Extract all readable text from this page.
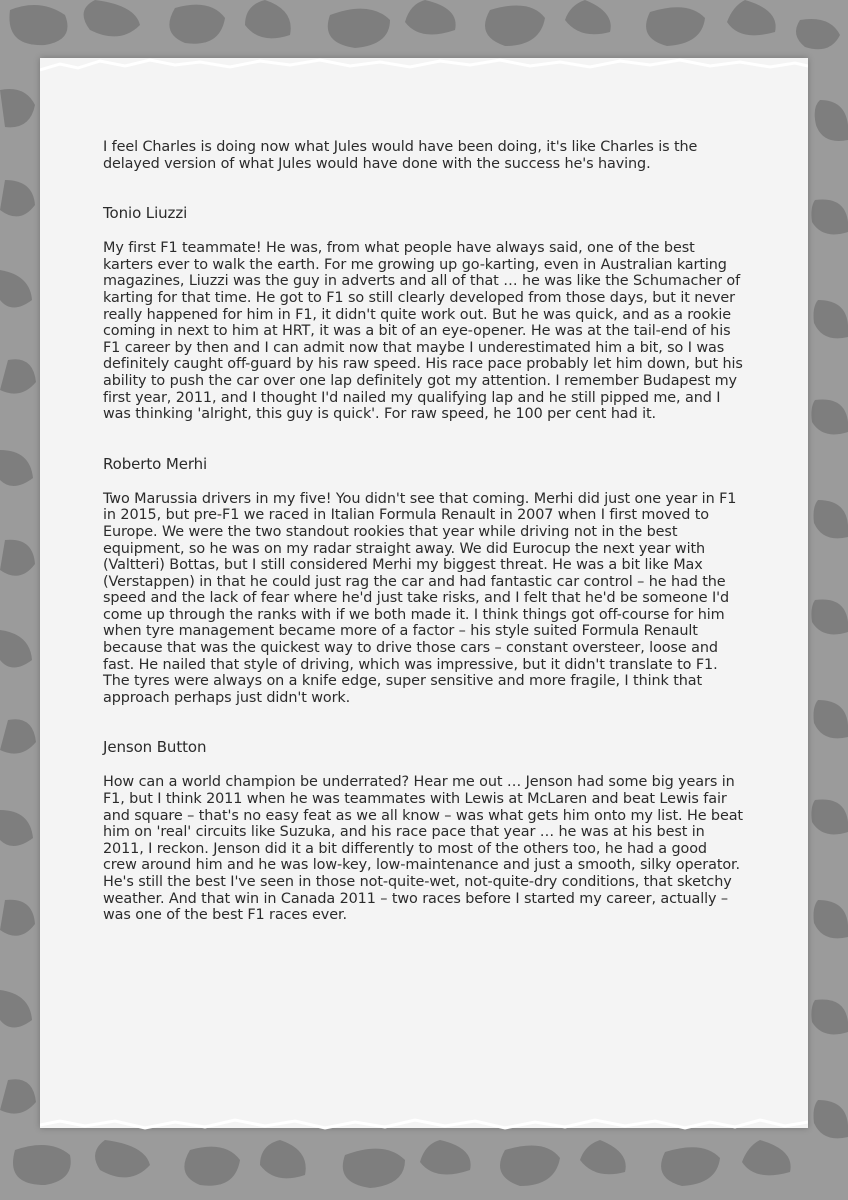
I feel Charles is doing now what Jules would have been doing, it's like Charles is the delayed version of what Jules would have done with the success he's having.

Tonio Liuzzi

My first F1 teammate! He was, from what people have always said, one of the best karters ever to walk the earth. For me growing up go-karting, even in Australian karting magazines, Liuzzi was the guy in adverts and all of that … he was like the Schumacher of karting for that time. He got to F1 so still clearly developed from those days, but it never really happened for him in F1, it didn't quite work out. But he was quick, and as a rookie coming in next to him at HRT, it was a bit of an eye-opener. He was at the tail-end of his F1 career by then and I can admit now that maybe I underestimated him a bit, so I was definitely caught off-guard by his raw speed. His race pace probably let him down, but his ability to push the car over one lap definitely got my attention. I remember Budapest my first year, 2011, and I thought I'd nailed my qualifying lap and he still pipped me, and I was thinking 'alright, this guy is quick'. For raw speed, he 100 per cent had it.

Roberto Merhi

Two Marussia drivers in my five! You didn't see that coming. Merhi did just one year in F1 in 2015, but pre-F1 we raced in Italian Formula Renault in 2007 when I first moved to Europe. We were the two standout rookies that year while driving not in the best equipment, so he was on my radar straight away. We did Eurocup the next year with (Valtteri) Bottas, but I still considered Merhi my biggest threat. He was a bit like Max (Verstappen) in that he could just rag the car and had fantastic car control – he had the speed and the lack of fear where he'd just take risks, and I felt that he'd be someone I'd come up through the ranks with if we both made it. I think things got off-course for him when tyre management became more of a factor – his style suited Formula Renault because that was the quickest way to drive those cars – constant oversteer, loose and fast. He nailed that style of driving, which was impressive, but it didn't translate to F1. The tyres were always on a knife edge, super sensitive and more fragile, I think that approach perhaps just didn't work.

Jenson Button

How can a world champion be underrated? Hear me out … Jenson had some big years in F1, but I think 2011 when he was teammates with Lewis at McLaren and beat Lewis fair and square – that's no easy feat as we all know – was what gets him onto my list. He beat him on 'real' circuits like Suzuka, and his race pace that year … he was at his best in 2011, I reckon. Jenson did it a bit differently to most of the others too, he had a good crew around him and he was low-key, low-maintenance and just a smooth, silky operator. He's still the best I've seen in those not-quite-wet, not-quite-dry conditions, that sketchy weather. And that win in Canada 2011 – two races before I started my career, actually – was one of the best F1 races ever.
